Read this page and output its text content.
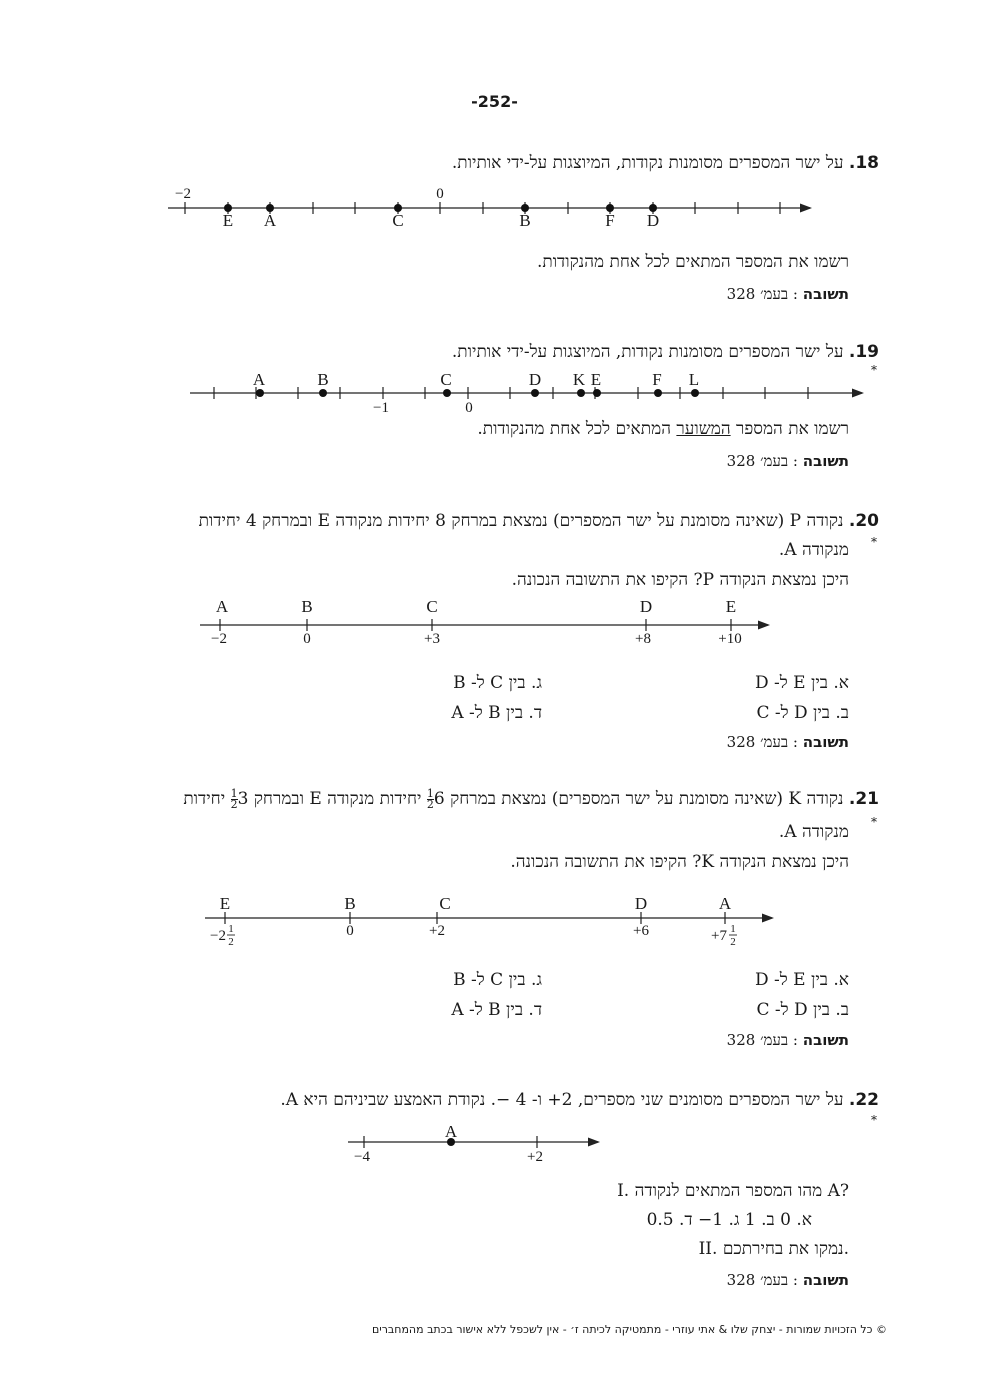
-252-
18. על ישר המספרים מסומנות נקודות, המיוצגות על-ידי אותיות.
−2	0
E A	C	B	F D
רשמו את המספר המתאים לכל אחת מהנקודות.
תשובה : בעמ׳ 328
19. על ישר המספרים מסומנות נקודות, המיוצגות על-ידי אותיות.
*
A	B	C	D K E	F L
−1	0
רשמו את המספר המשוער המתאים לכל אחת מהנקודות.
תשובה : בעמ׳ 328
20. נקודה P (שאינה מסומנת על ישר המספרים) נמצאת במרחק 8 יחידות מנקודה E ובמרחק 4 יחידות
*
מנקודה A.
היכן נמצאת הנקודה P? הקיפו את התשובה הנכונה.
A	B	C	D	E
−2	0	+3	+8	+10
א. בין E ל- D
ג. בין C ל- B
ב. בין D ל- C
ד. בין B ל- A
תשובה : בעמ׳ 328
21. נקודה K (שאינה מסומנת על ישר המספרים) נמצאת במרחק 6
$\frac{1}{2}$
יחידות מנקודה E ובמרחק 3
$\frac{1}{2}$
יחידות
*
מנקודה A.
היכן נמצאת הנקודה K? הקיפו את התשובה הנכונה.
E	B	C	D	A
−2 1
2
0	+2	+6	+7 1
2
א. בין E ל- D
ג. בין C ל- B
ב. בין D ל- C
ד. בין B ל- A
תשובה : בעמ׳ 328
22. על ישר המספרים מסומנים שני מספרים, 2+ ו- 4 −. נקודת האמצע שביניהם היא A.
*
A
−4	+2
I. מהו המספר המתאים לנקודה A?
א. 0 ב. 1 ג. 1− ד. 0.5
II. נמקו את בחירתכם.
תשובה : בעמ׳ 328
© כל הזכויות שמורות - יצחק שלו & אתי עוזרי - מתמטיקה לכיתה ז׳ - אין לשכפל ללא אישור בכתב מהמחברים
